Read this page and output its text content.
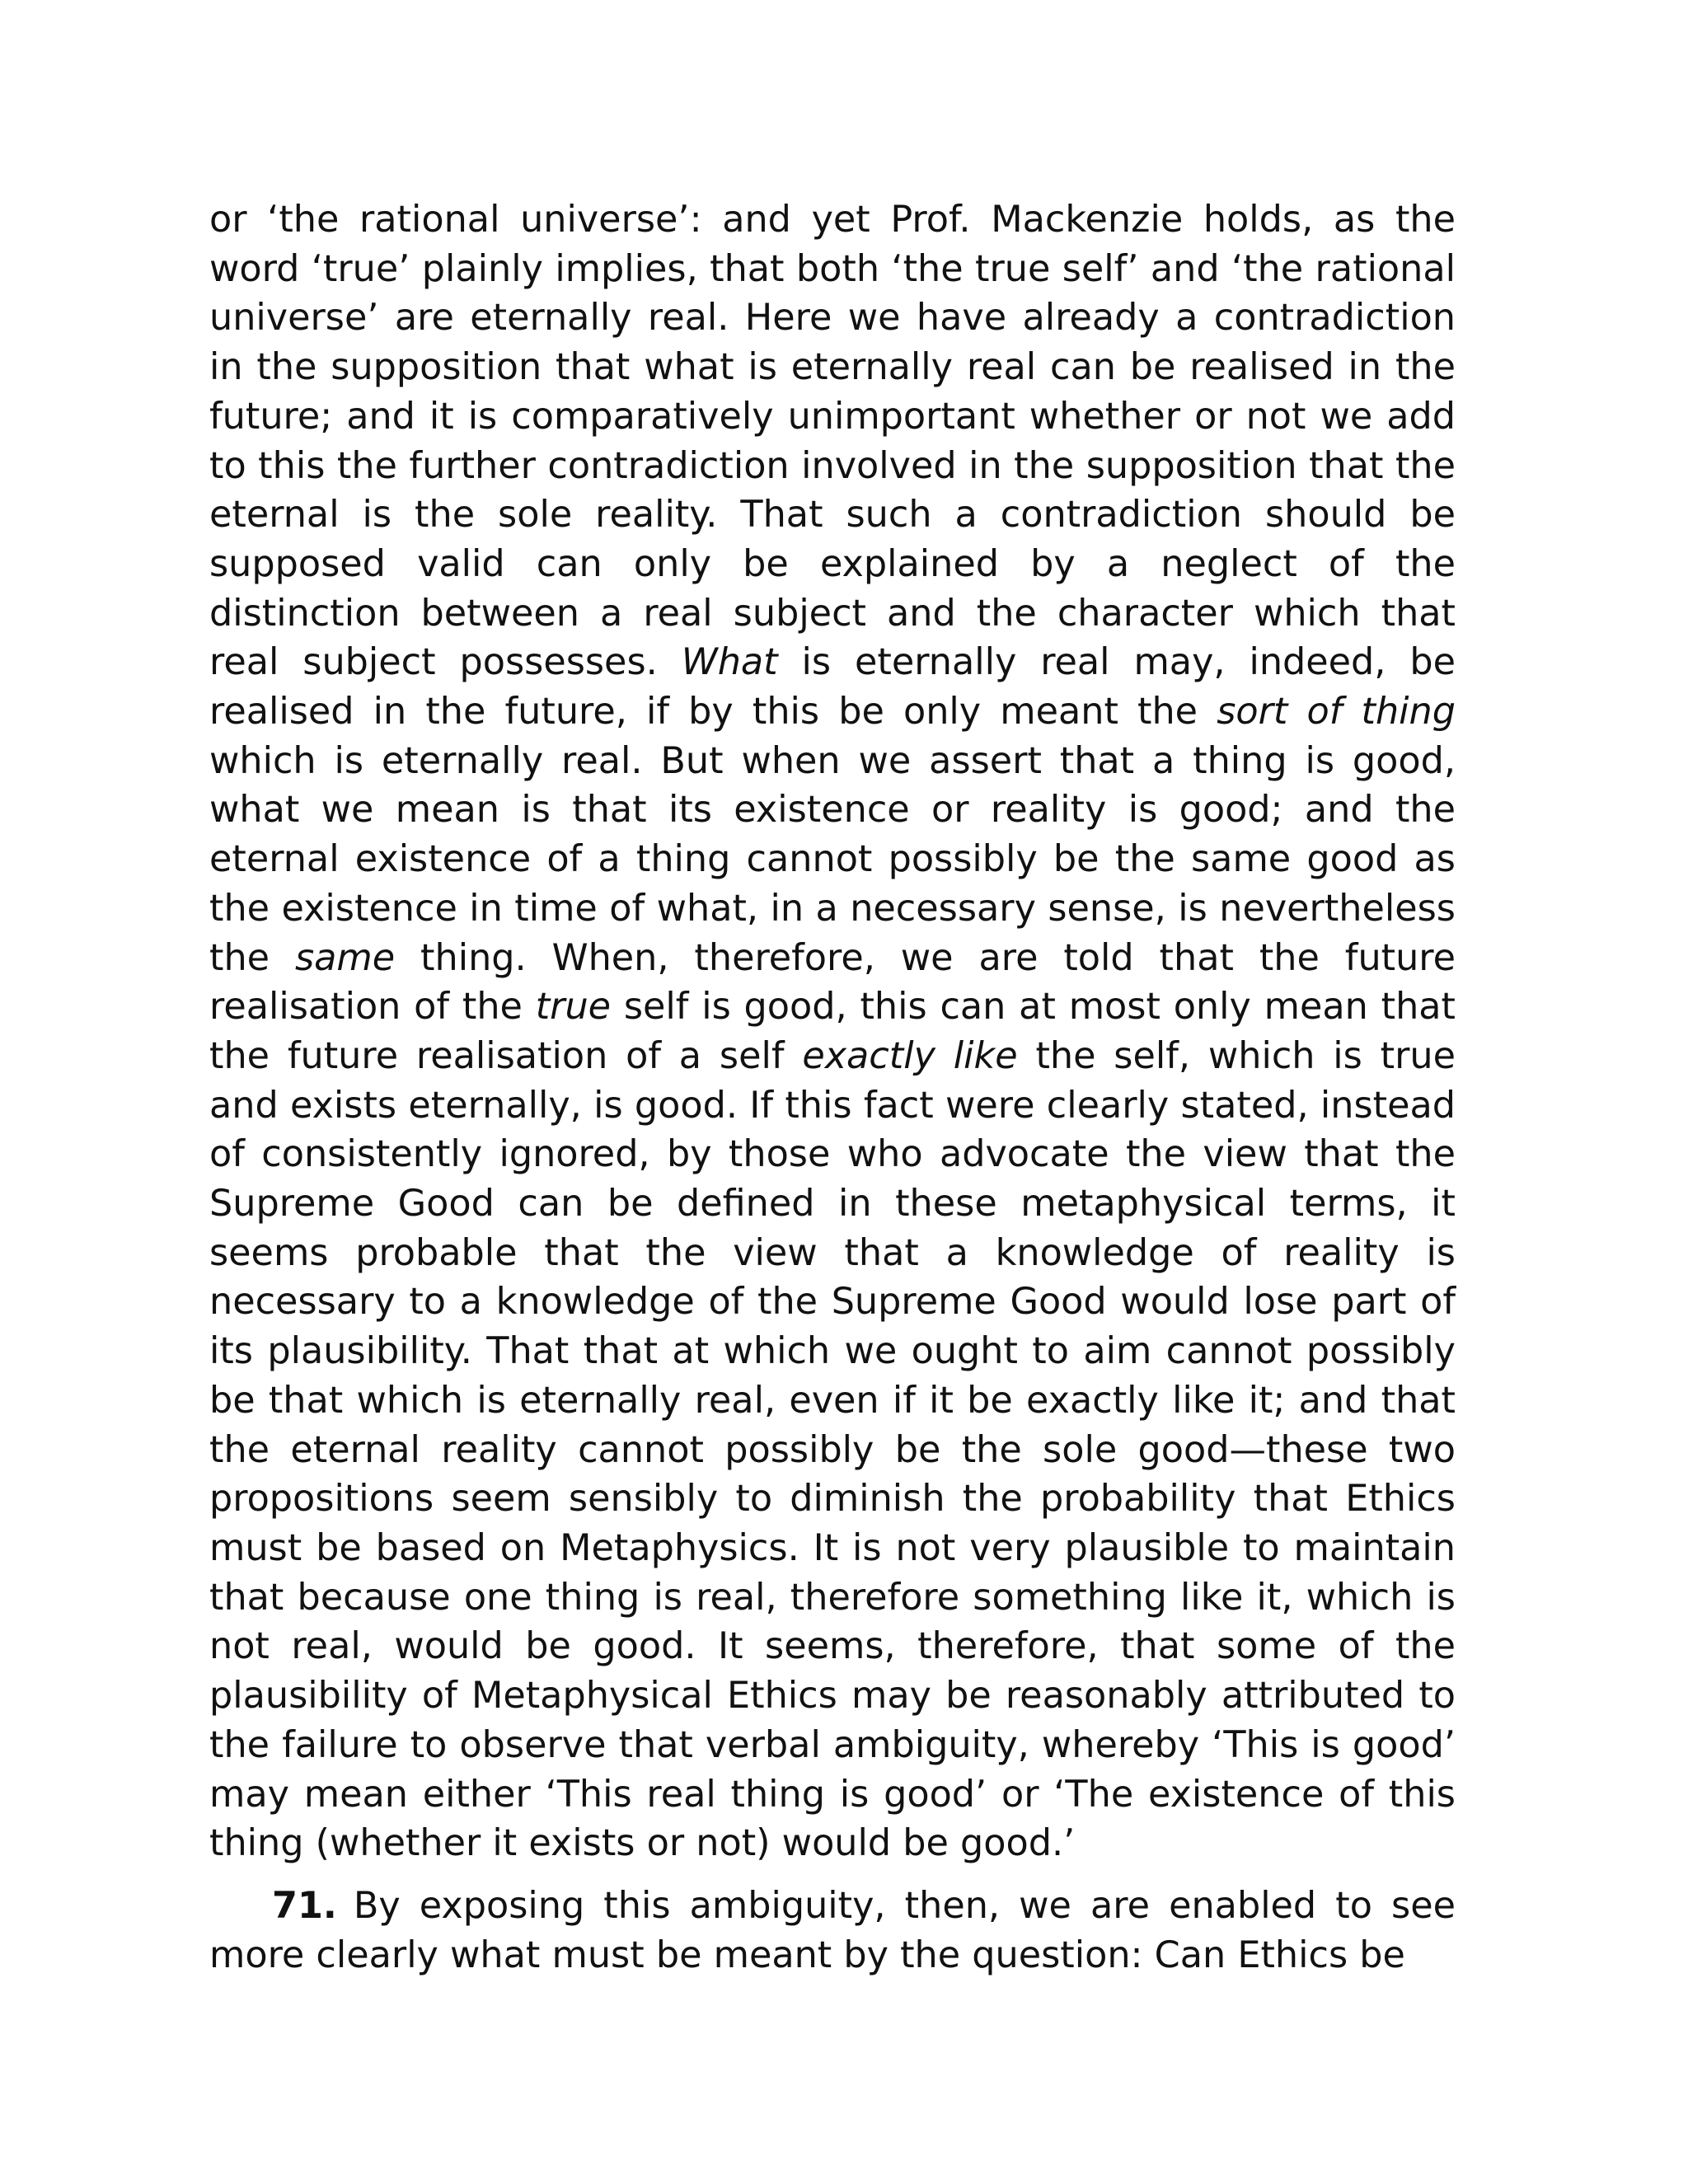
or ‘the rational universe’: and yet Prof. Mackenzie holds, as the word ‘true’ plainly implies, that both ‘the true self’ and ‘the rational universe’ are eternally real. Here we have already a contradiction in the supposition that what is eternally real can be realised in the future; and it is comparatively unimportant whether or not we add to this the further contradiction involved in the supposition that the eternal is the sole reality. That such a contradiction should be supposed valid can only be explained by a neglect of the distinction between a real subject and the character which that real subject possesses. What is eternally real may, indeed, be realised in the future, if by this be only meant the sort of thing which is eternally real. But when we assert that a thing is good, what we mean is that its existence or reality is good; and the eternal existence of a thing cannot possibly be the same good as the existence in time of what, in a necessary sense, is nevertheless the same thing. When, therefore, we are told that the future realisation of the true self is good, this can at most only mean that the future realisation of a self exactly like the self, which is true and exists eternally, is good. If this fact were clearly stated, instead of consistently ignored, by those who advocate the view that the Supreme Good can be defined in these metaphysical terms, it seems probable that the view that a knowledge of reality is necessary to a knowledge of the Supreme Good would lose part of its plausibility. That that at which we ought to aim cannot possibly be that which is eternally real, even if it be exactly like it; and that the eternal reality cannot possibly be the sole good—these two propositions seem sensibly to diminish the probability that Ethics must be based on Metaphysics. It is not very plausible to maintain that because one thing is real, therefore something like it, which is not real, would be good. It seems, therefore, that some of the plausibility of Metaphysical Ethics may be reasonably attributed to the failure to observe that verbal ambiguity, whereby ‘This is good’ may mean either ‘This real thing is good’ or ‘The existence of this thing (whether it exists or not) would be good.’

71. By exposing this ambiguity, then, we are enabled to see more clearly what must be meant by the question: Can Ethics be
